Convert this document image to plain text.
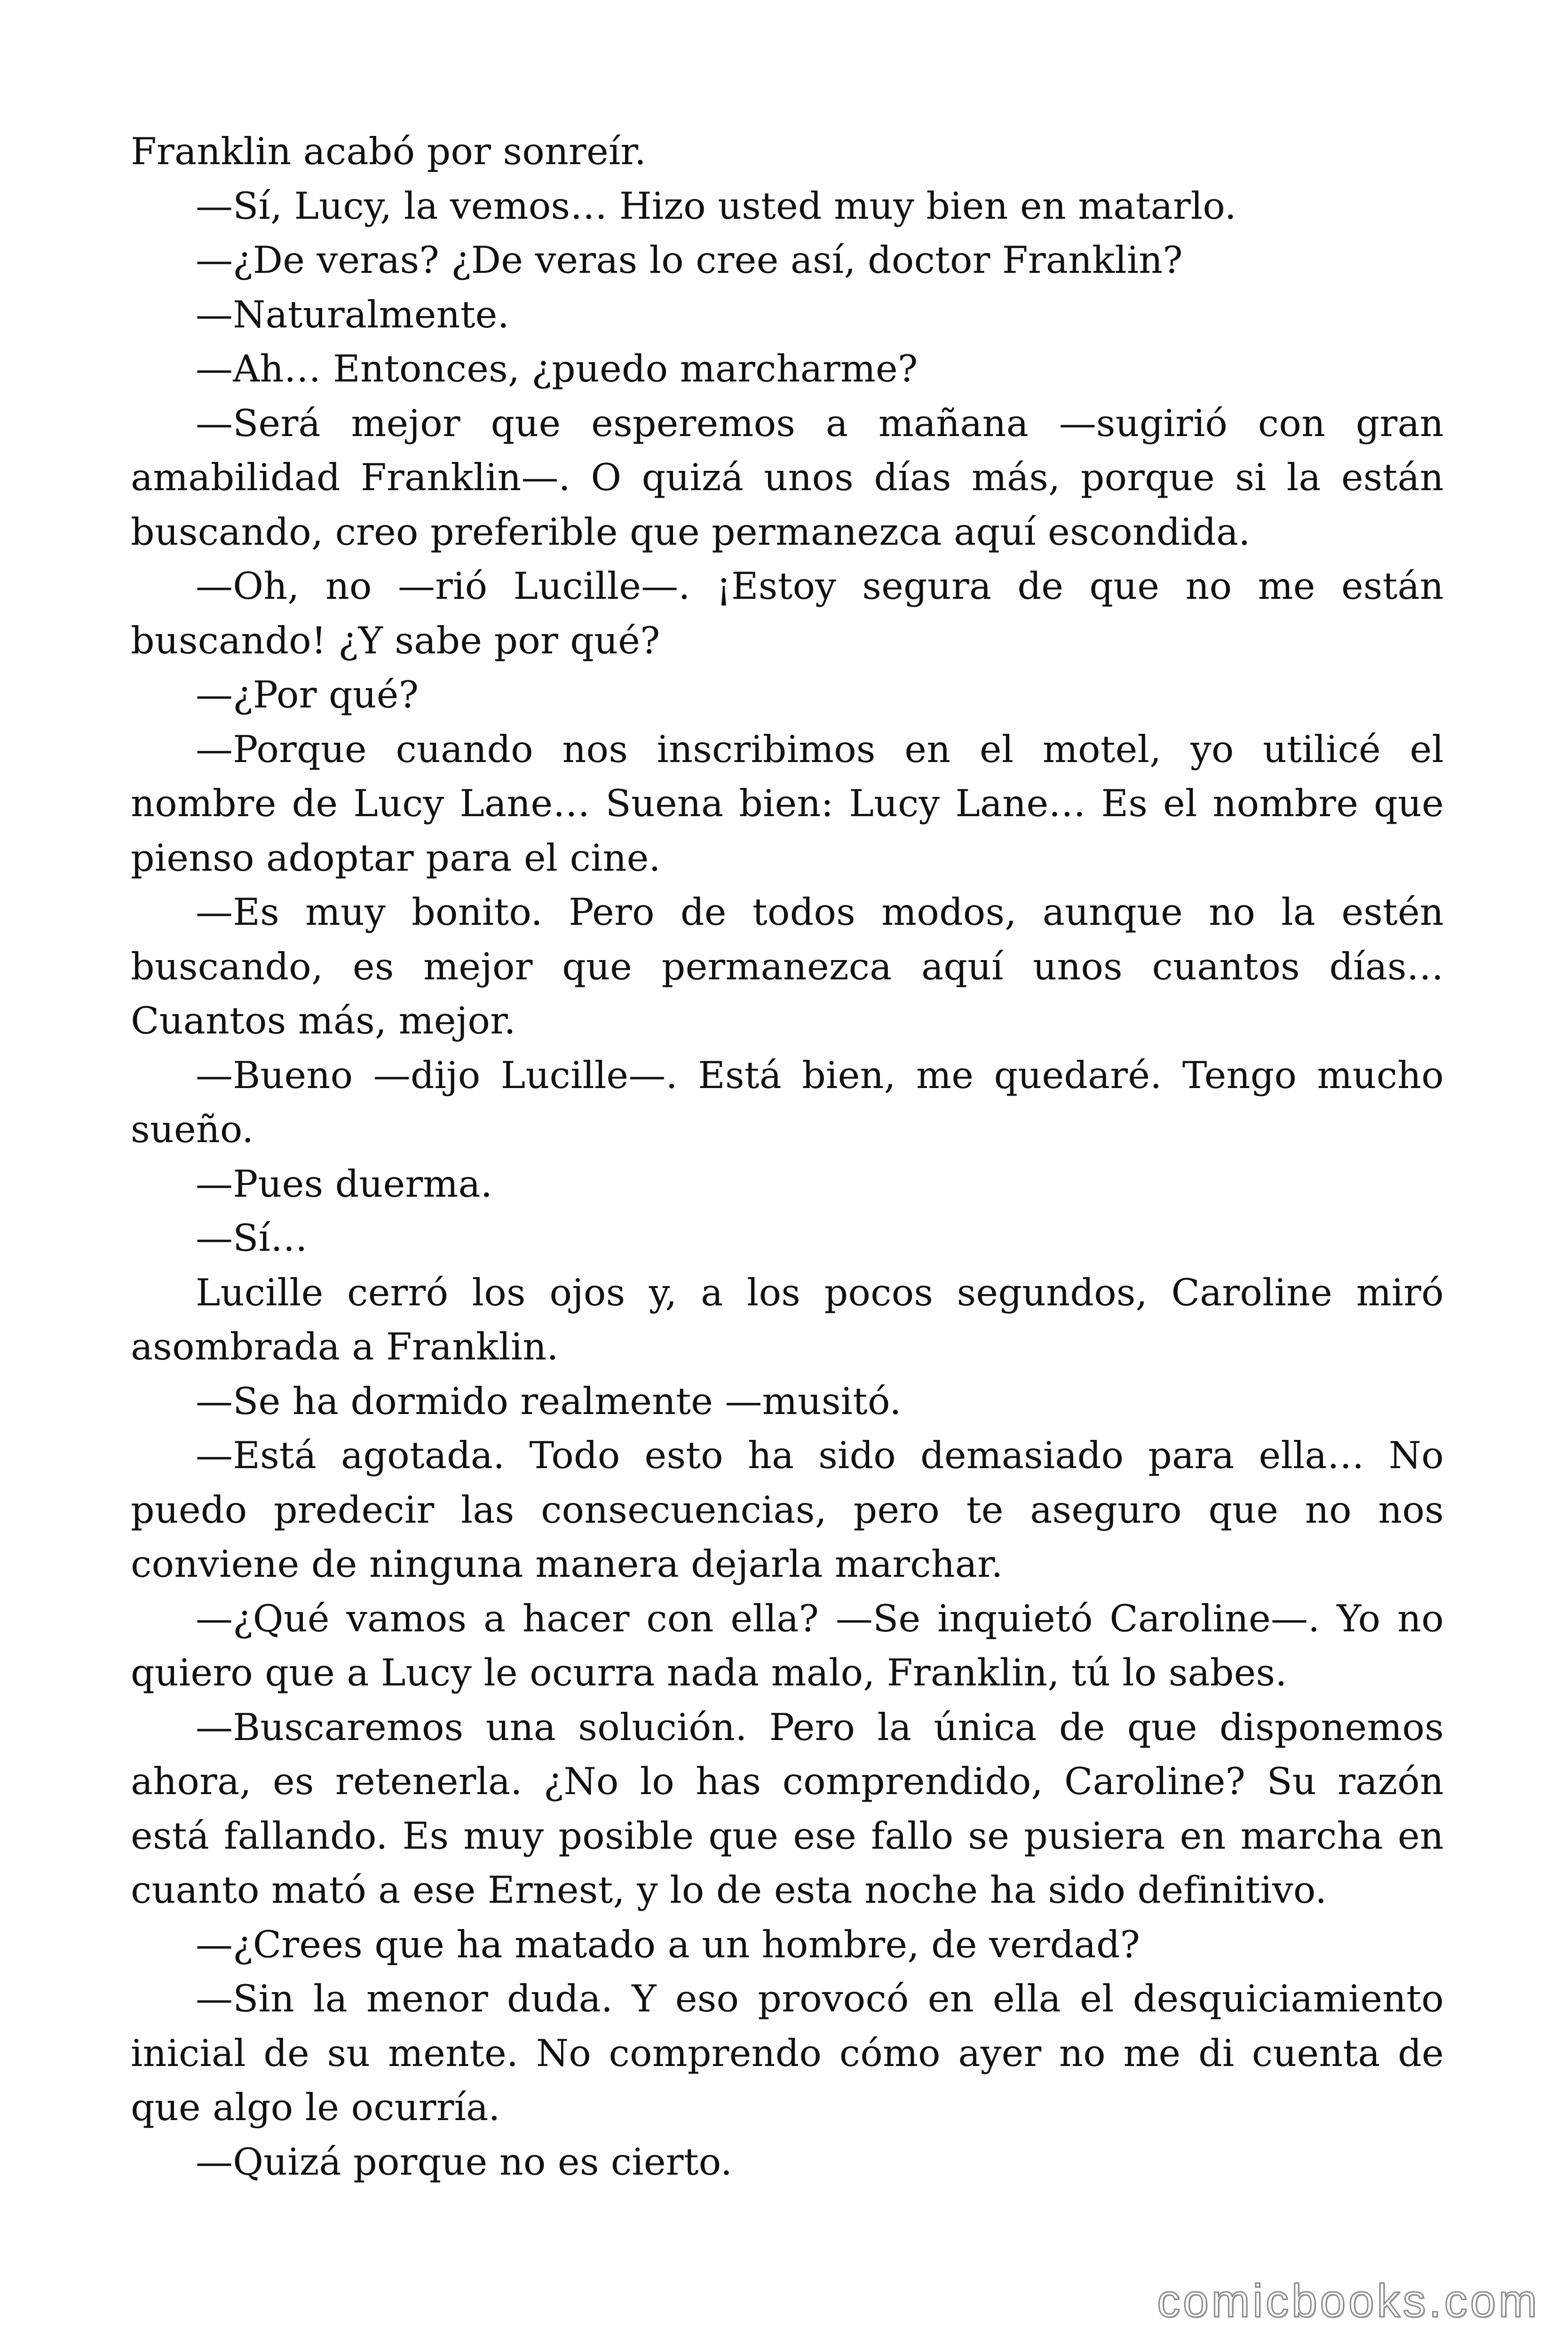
Franklin acabó por sonreír.

—Sí, Lucy, la vemos… Hizo usted muy bien en matarlo.

—¿De veras? ¿De veras lo cree así, doctor Franklin?

—Naturalmente.

—Ah… Entonces, ¿puedo marcharme?

—Será mejor que esperemos a mañana —sugirió con gran amabilidad Franklin—. O quizá unos días más, porque si la están buscando, creo preferible que permanezca aquí escondida.

—Oh, no —rió Lucille—. ¡Estoy segura de que no me están buscando! ¿Y sabe por qué?

—¿Por qué?

—Porque cuando nos inscribimos en el motel, yo utilicé el nombre de Lucy Lane… Suena bien: Lucy Lane… Es el nombre que pienso adoptar para el cine.

—Es muy bonito. Pero de todos modos, aunque no la estén buscando, es mejor que permanezca aquí unos cuantos días… Cuantos más, mejor.

—Bueno —dijo Lucille—. Está bien, me quedaré. Tengo mucho sueño.

—Pues duerma.

—Sí…

Lucille cerró los ojos y, a los pocos segundos, Caroline miró asombrada a Franklin.

—Se ha dormido realmente —musitó.

—Está agotada. Todo esto ha sido demasiado para ella… No puedo predecir las consecuencias, pero te aseguro que no nos conviene de ninguna manera dejarla marchar.

—¿Qué vamos a hacer con ella? —Se inquietó Caroline—. Yo no quiero que a Lucy le ocurra nada malo, Franklin, tú lo sabes.

—Buscaremos una solución. Pero la única de que disponemos ahora, es retenerla. ¿No lo has comprendido, Caroline? Su razón está fallando. Es muy posible que ese fallo se pusiera en marcha en cuanto mató a ese Ernest, y lo de esta noche ha sido definitivo.

—¿Crees que ha matado a un hombre, de verdad?

—Sin la menor duda. Y eso provocó en ella el desquiciamiento inicial de su mente. No comprendo cómo ayer no me di cuenta de que algo le ocurría.

—Quizá porque no es cierto.

comicbooks.com
